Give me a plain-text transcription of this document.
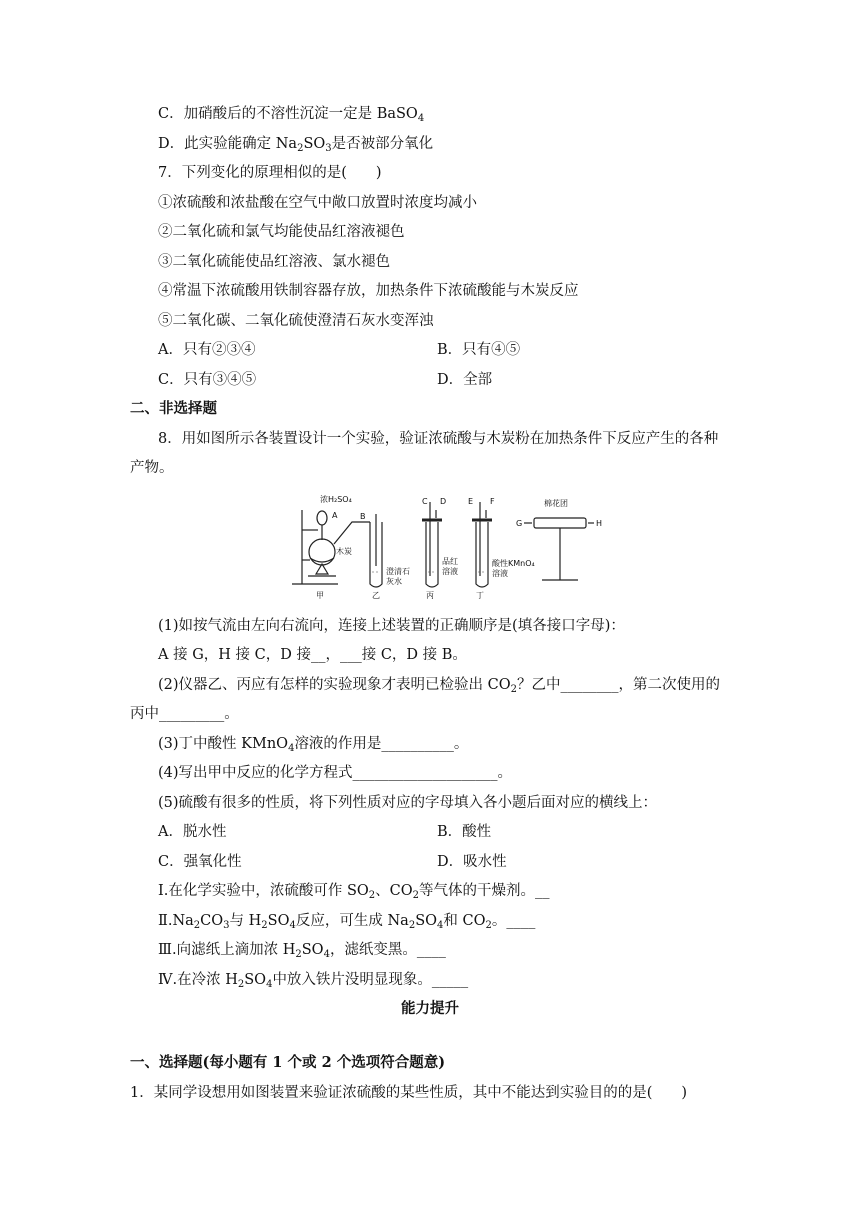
C．加硝酸后的不溶性沉淀一定是 BaSO$_4$
D．此实验能确定 $Na_2SO_3$是否被部分氧化
7．下列变化的原理相似的是(　　)
①浓硫酸和浓盐酸在空气中敞口放置时浓度均减小
②二氧化硫和氯气均能使品红溶液褪色
③二氧化硫能使品红溶液、氯水褪色
④常温下浓硫酸用铁制容器存放，加热条件下浓硫酸能与木炭反应
⑤二氧化碳、二氧化硫使澄清石灰水变浑浊
A．只有②③④	B．只有④⑤
C．只有③④⑤	D．全部
二、非选择题
8．用如图所示各装置设计一个实验，验证浓硫酸与木炭粉在加热条件下反应产生的各种
产物。
浓H₂SO₄
A
木炭
B
澄清石
灰水
C D
品红
溶液
E F
酸性KMnO₄
溶液
棉花团
G	H
甲	乙	丙	丁
(1)如按气流由左向右流向，连接上述装置的正确顺序是(填各接口字母)：
A 接 G，H 接 C，D 接__，___接 C，D 接 B。
(2)仪器乙、丙应有怎样的实验现象才表明已检验出 $CO_2$？乙中________，第二次使用的
丙中_________。
(3)丁中酸性 KMnO$_4$溶液的作用是__________。
(4)写出甲中反应的化学方程式____________________。
(5)硫酸有很多的性质，将下列性质对应的字母填入各小题后面对应的横线上：
A．脱水性	B．酸性
C．强氧化性	D．吸水性
Ⅰ.在化学实验中，浓硫酸可作 $SO_2$、$CO_2$等气体的干燥剂。__
$Ⅱ.Na_2CO_3$与 $H_2SO_4$反应，可生成 $Na_2SO_4$和 $CO_2$。____
Ⅲ.向滤纸上滴加浓 $H_2SO_4$，滤纸变黑。____
Ⅳ.在冷浓 $H_2SO_4$中放入铁片没明显现象。_____
能力提升
一、选择题(每小题有 1 个或 2 个选项符合题意)
1．某同学设想用如图装置来验证浓硫酸的某些性质，其中不能达到实验目的的是(　　)
